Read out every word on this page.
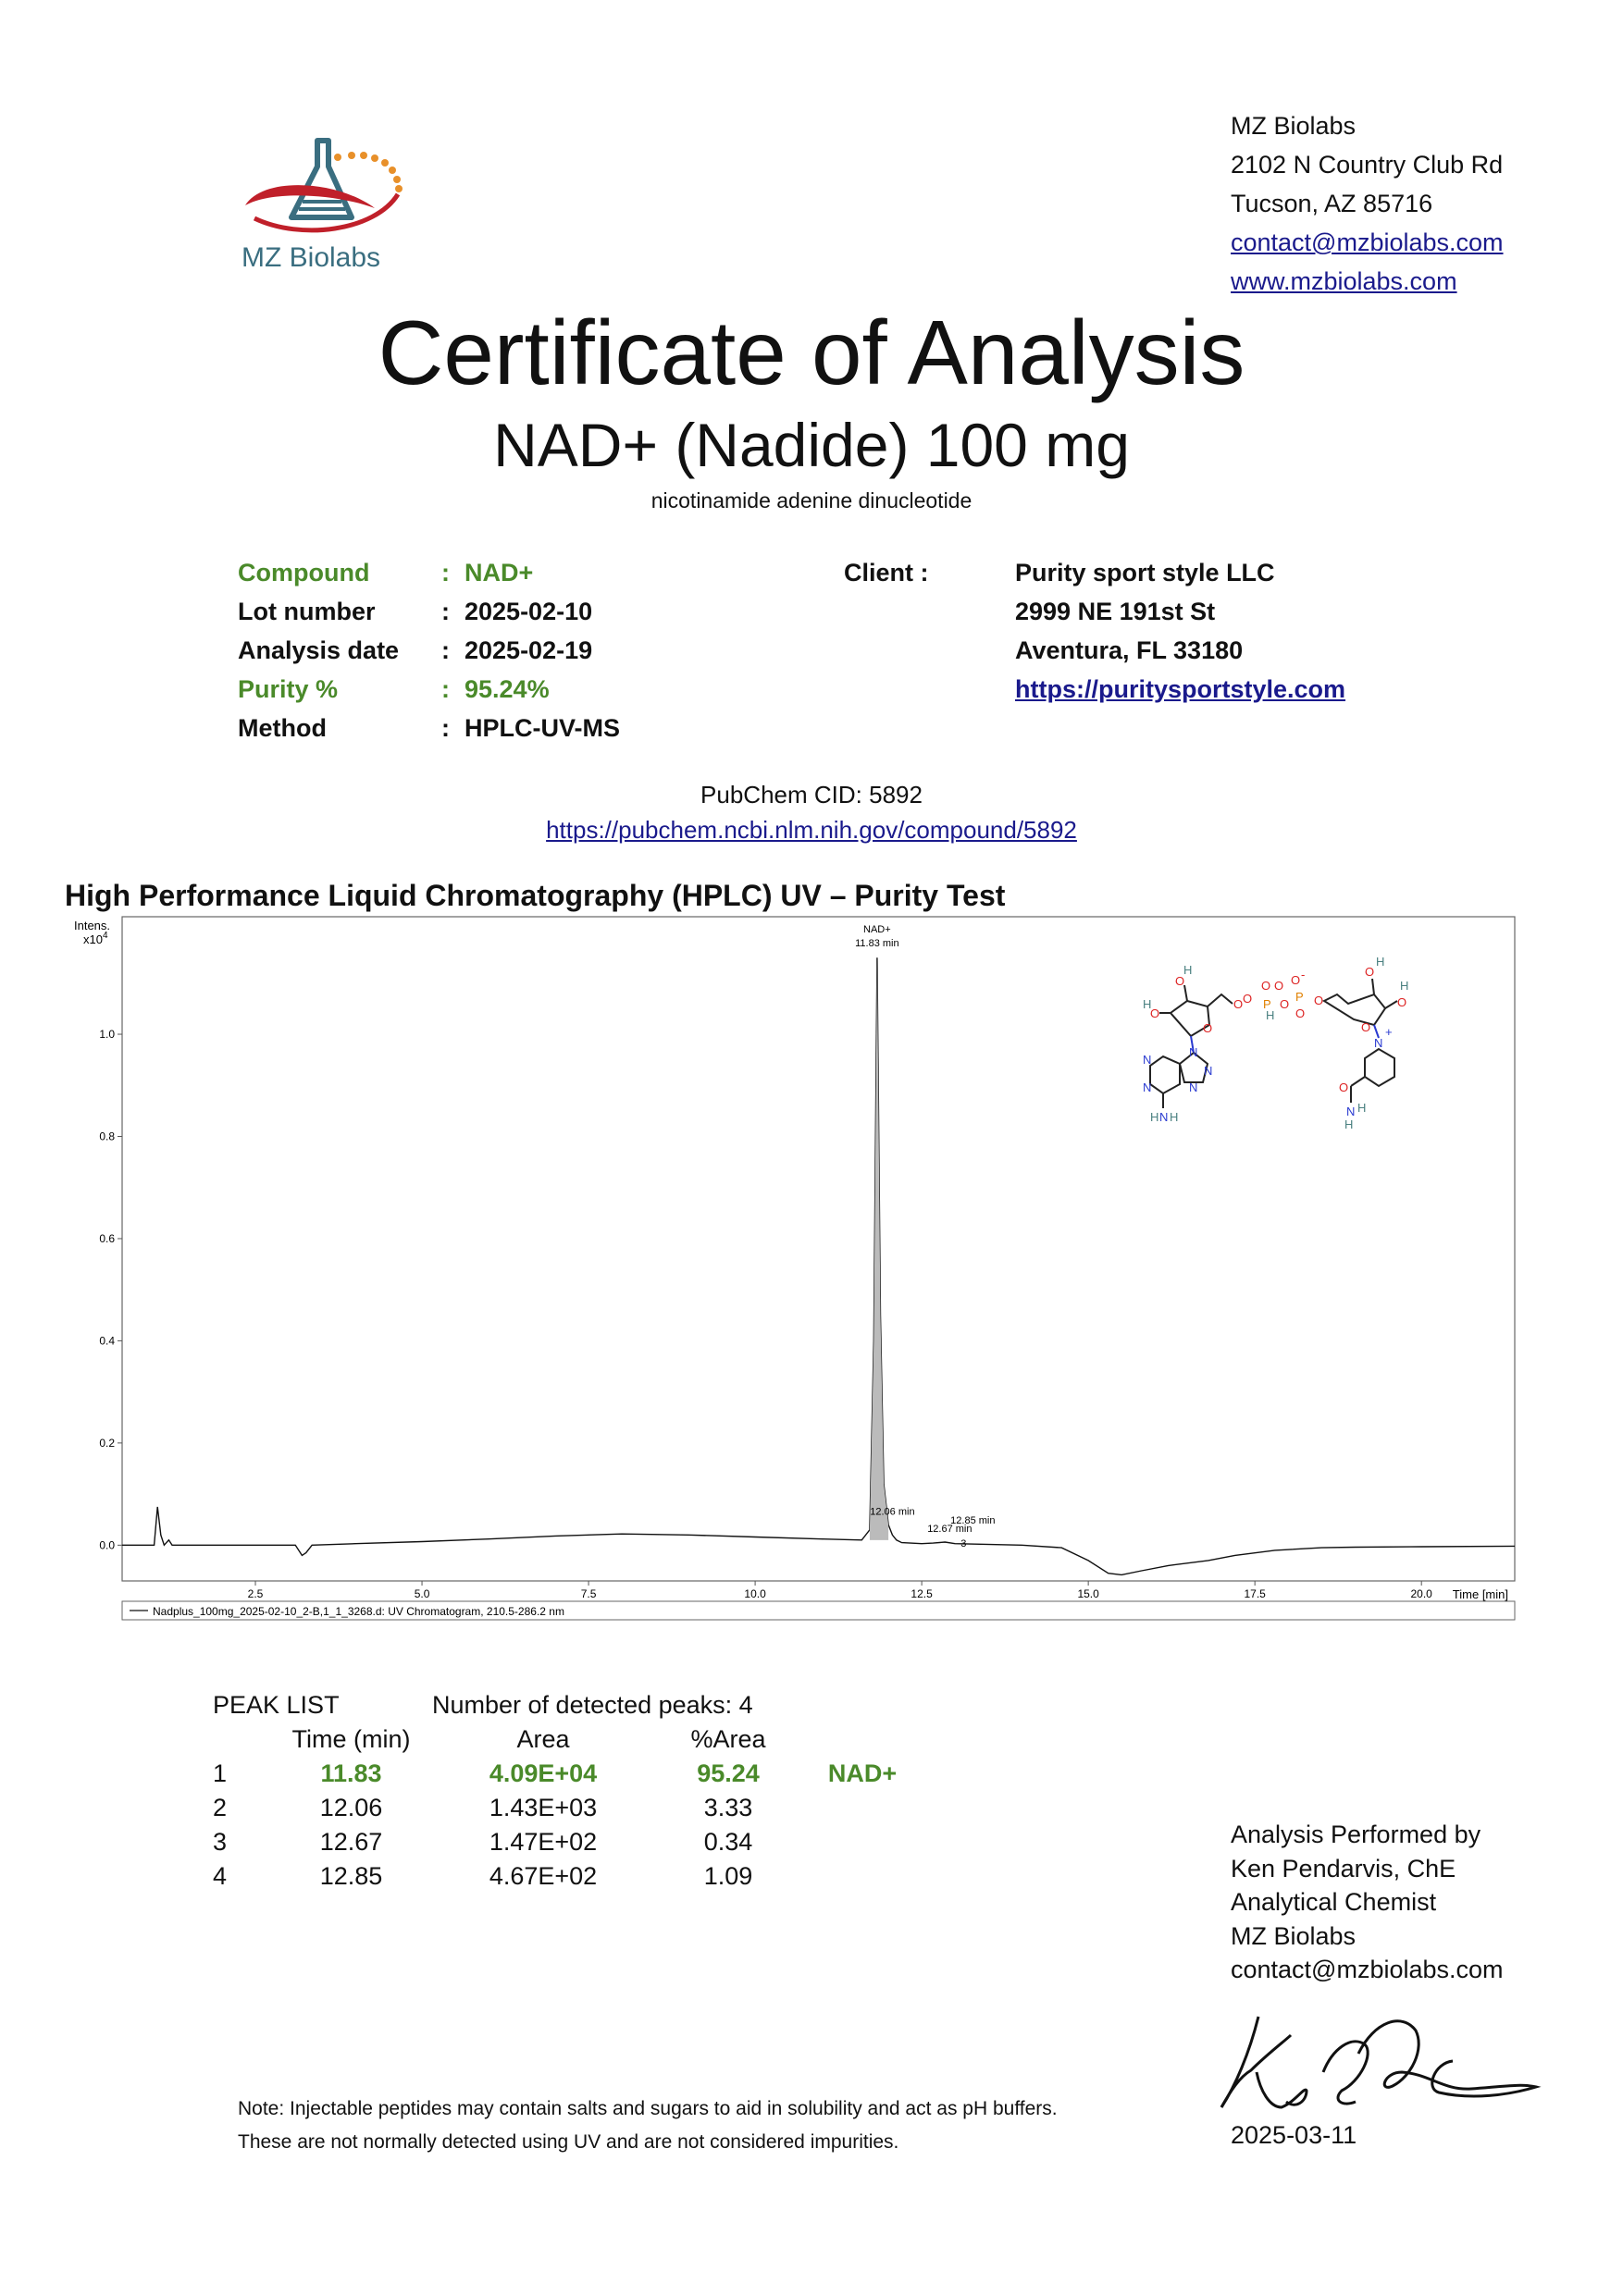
MZ Biolabs
MZ Biolabs
2102 N Country Club Rd
Tucson, AZ 85716
contact@mzbiolabs.com
www.mzbiolabs.com
Certificate of Analysis
NAD+ (Nadide) 100 mg
nicotinamide adenine dinucleotide
Compound	: NAD+
Lot number	: 2025-02-10
Analysis date	: 2025-02-19
Purity %	: 95.24%
Method	: HPLC-UV-MS
Client :	Purity sport style LLC
2999 NE 191st St
Aventura, FL 33180
https://puritysportstyle.com
PubChem CID: 5892
https://pubchem.ncbi.nlm.nih.gov/compound/5892
High Performance Liquid Chromatography (HPLC) UV – Purity Test
Intens.
$x10^4$
0.0
0.2
0.4
0.6
0.8
1.0
2.5	5.0	7.5	10.0	12.5	15.0	17.5	20.0 Time [min]
NAD+
11.83 min
12.06 min
12.67 min
12.85 min
3
O
O
H
O
H	O
N
N
N
N
N
H N H
P
P
O
O
O
O O -
O
O
H
O
O
H
O
H
N
+
O
N H
H
Nadplus_100mg_2025-02-10_2-B,1_1_3268.d: UV Chromatogram, 210.5-286.2 nm
PEAK LIST	Number of detected peaks: 4
Time (min)	Area	%Area
1	11.83	4.09E+04	95.24	NAD+
2	12.06	1.43E+03	3.33
3	12.67	1.47E+02	0.34
4	12.85	4.67E+02	1.09
Analysis Performed by
Ken Pendarvis, ChE
Analytical Chemist
MZ Biolabs
contact@mzbiolabs.com
Note: Injectable peptides may contain salts and sugars to aid in solubility and act as pH buffers.
These are not normally detected using UV and are not considered impurities.	2025-03-11
